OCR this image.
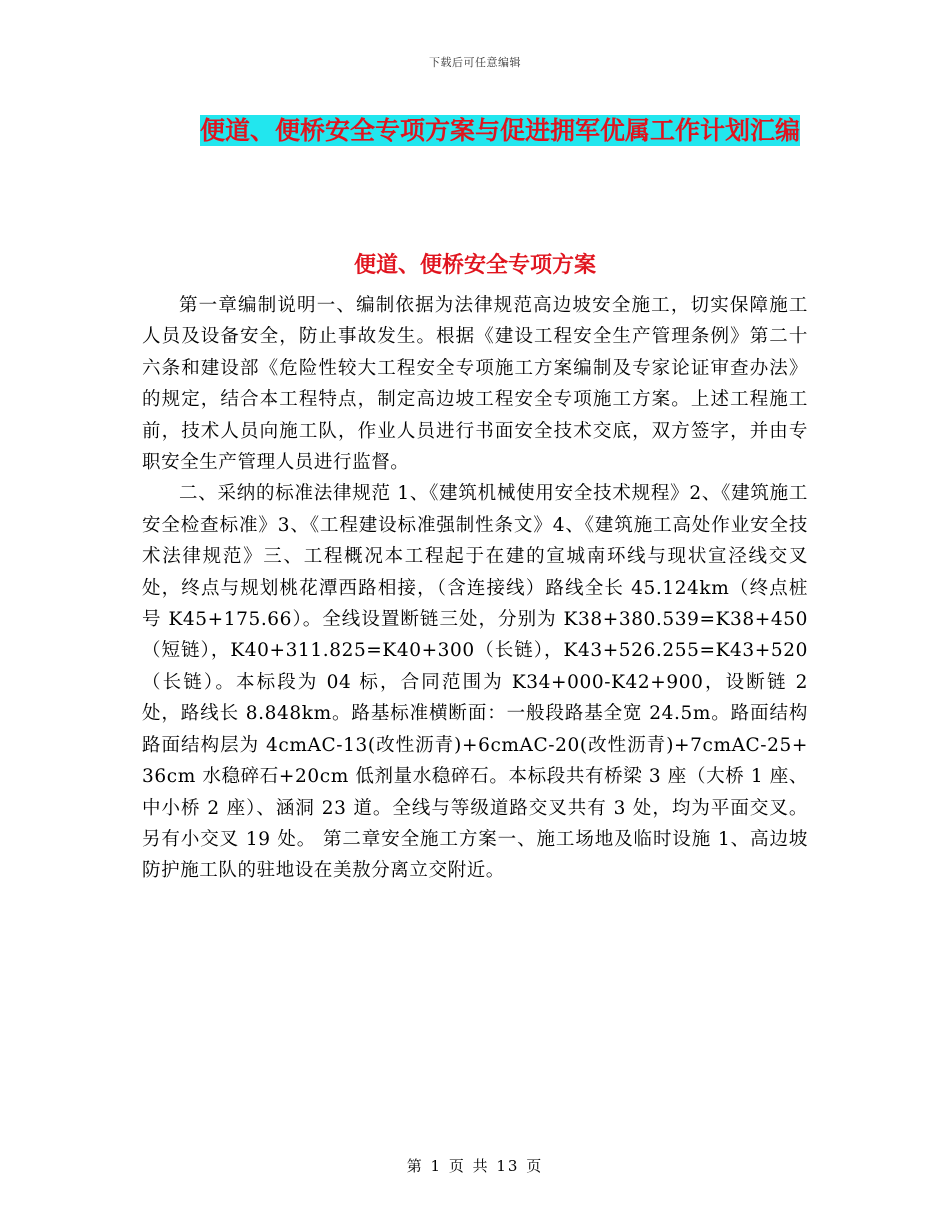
下载后可任意编辑
便道、便桥安全专项方案与促进拥军优属工作计划汇编
便道、便桥安全专项方案

第一章编制说明一、编制依据为法律规范高边坡安全施工，切实保障施工人员及设备安全，防止事故发生。根据《建设工程安全生产管理条例》第二十六条和建设部《危险性较大工程安全专项施工方案编制及专家论证审查办法》的规定，结合本工程特点，制定高边坡工程安全专项施工方案。上述工程施工前，技术人员向施工队，作业人员进行书面安全技术交底，双方签字，并由专职安全生产管理人员进行监督。

二、采纳的标准法律规范 1、《建筑机械使用安全技术规程》2、《建筑施工安全检查标准》3、《工程建设标准强制性条文》4、《建筑施工高处作业安全技术法律规范》三、工程概况本工程起于在建的宣城南环线与现状宣泾线交叉处，终点与规划桃花潭西路相接，（含连接线）路线全长 45.124km（终点桩号 K45+175.66）。全线设置断链三处，分别为 K38+380.539=K38+450（短链），K40+311.825=K40+300（长链），K43+526.255=K43+520（长链）。本标段为 04 标，合同范围为 K34+000-K42+900，设断链 2 处，路线长 8.848km。路基标准横断面：一般段路基全宽 24.5m。路面结构路面结构层为 4cmAC-13(改性沥青)+6cmAC-20(改性沥青)+7cmAC-25+36cm 水稳碎石+20cm 低剂量水稳碎石。本标段共有桥梁 3 座（大桥 1 座、中小桥 2 座）、涵洞 23 道。全线与等级道路交叉共有 3 处，均为平面交叉。另有小交叉 19 处。 第二章安全施工方案一、施工场地及临时设施 1、高边坡防护施工队的驻地设在美敖分离立交附近。

第 1 页 共 13 页
